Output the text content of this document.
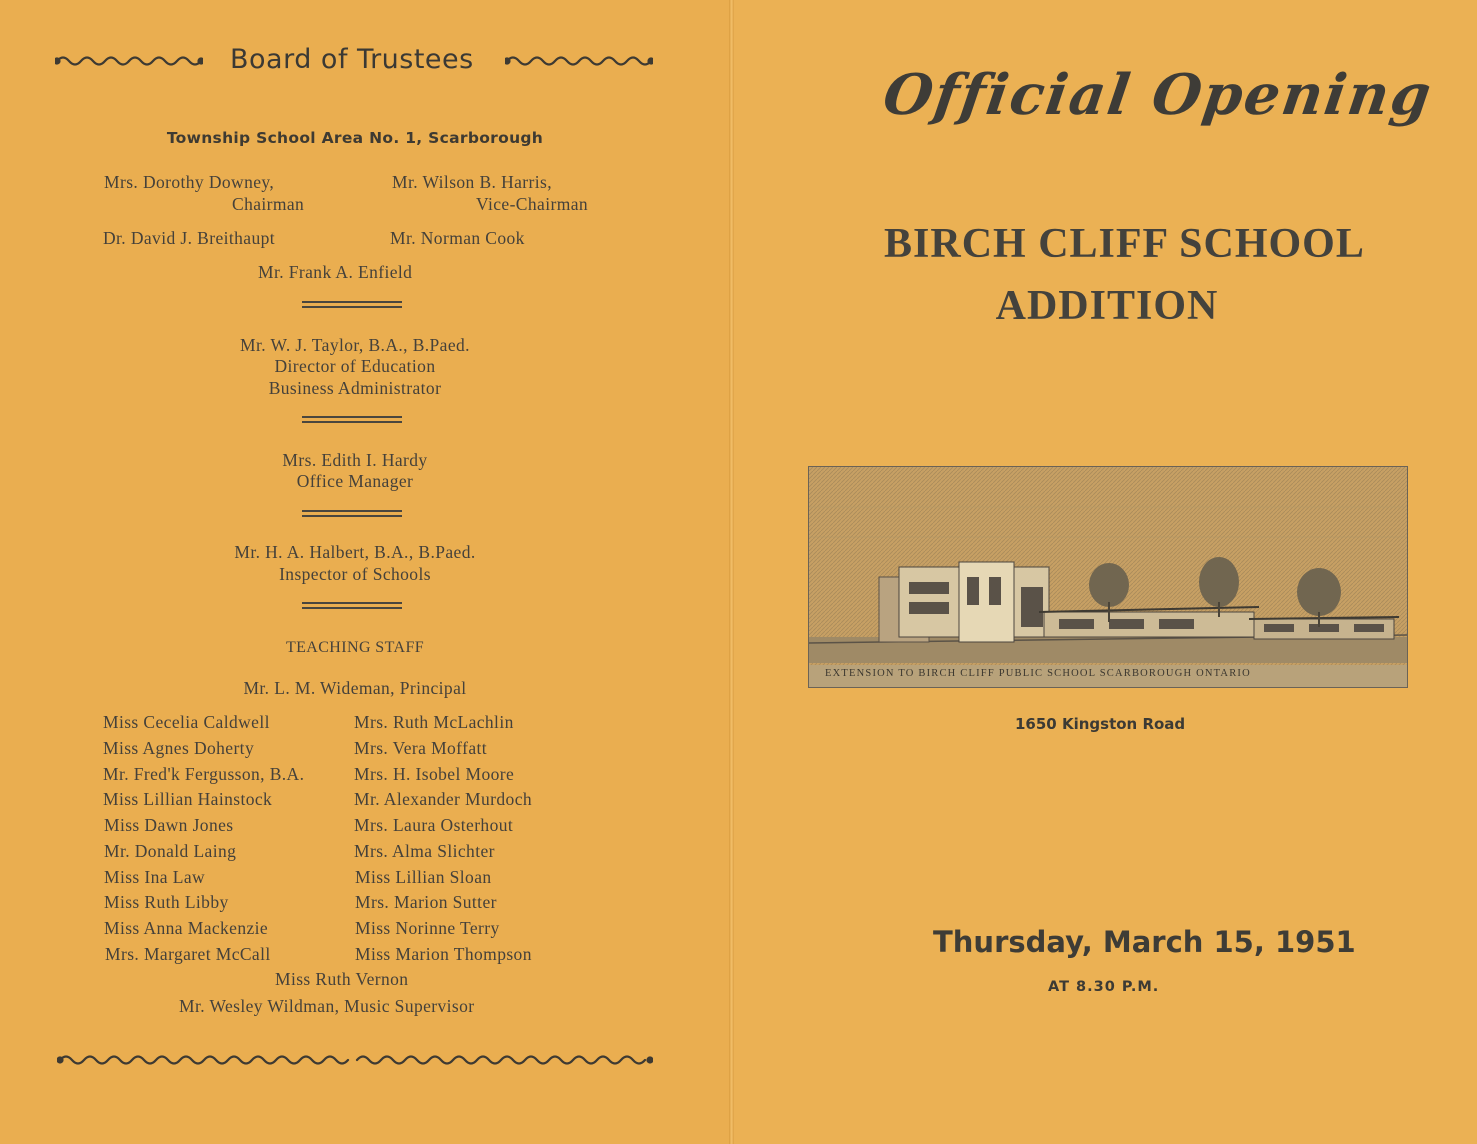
Board of Trustees
Township School Area No. 1, Scarborough
Mrs. Dorothy Downey,
Chairman
Mr. Wilson B. Harris,
Vice-Chairman
Dr. David J. Breithaupt	Mr. Norman Cook
Mr. Frank A. Enfield
Mr. W. J. Taylor, B.A., B.Paed.
Director of Education
Business Administrator
Mrs. Edith I. Hardy
Office Manager
Mr. H. A. Halbert, B.A., B.Paed.
Inspector of Schools
TEACHING STAFF
Mr. L. M. Wideman, Principal
Miss Cecelia Caldwell
Miss Agnes Doherty
Mr. Fred'k Fergusson, B.A.
Miss Lillian Hainstock
Miss Dawn Jones
Mr. Donald Laing
Miss Ina Law
Miss Ruth Libby
Miss Anna Mackenzie
Mrs. Margaret McCall
Mrs. Ruth McLachlin
Mrs. Vera Moffatt
Mrs. H. Isobel Moore
Mr. Alexander Murdoch
Mrs. Laura Osterhout
Mrs. Alma Slichter
Miss Lillian Sloan
Mrs. Marion Sutter
Miss Norinne Terry
Miss Marion Thompson
Miss Ruth Vernon
Mr. Wesley Wildman, Music Supervisor
Official Opening
BIRCH CLIFF SCHOOL
ADDITION
EXTENSION TO BIRCH CLIFF PUBLIC SCHOOL SCARBOROUGH ONTARIO
1650 Kingston Road
Thursday, March 15, 1951
AT 8.30 P.M.
